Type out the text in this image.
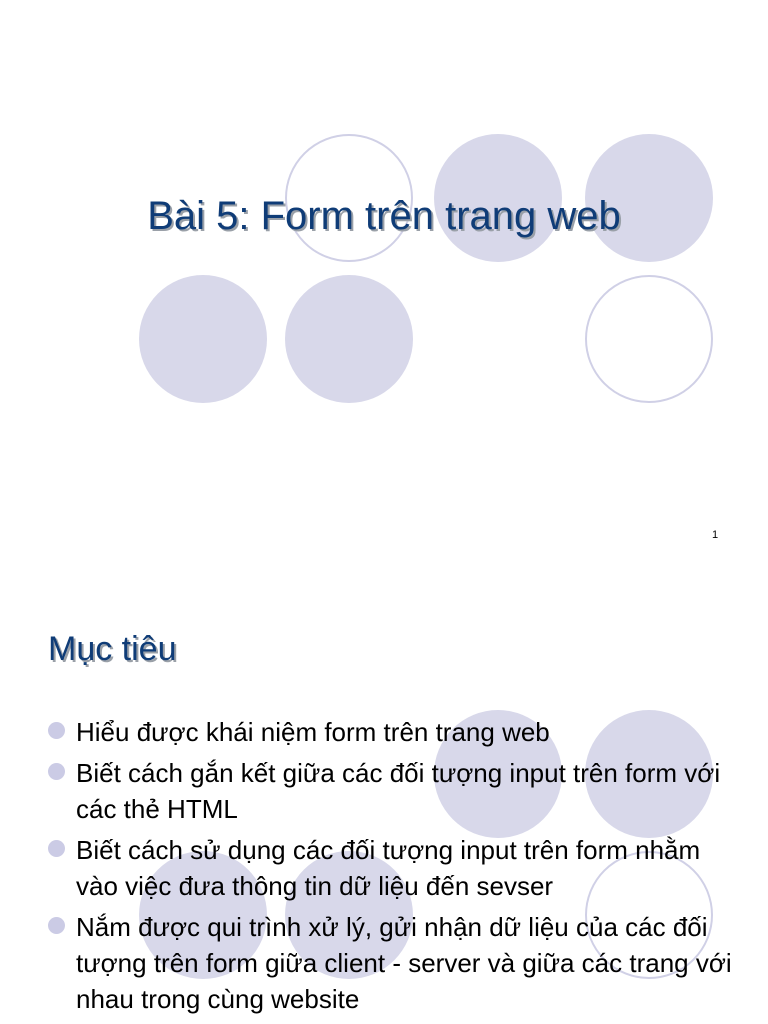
Bài 5: Form trên trang web
1
Mục tiêu
Hiểu được khái niệm form trên trang web
Biết cách gắn kết giữa các đối tượng input trên form với các thẻ HTML
Biết cách sử dụng các đối tượng input trên form nhằm vào việc đưa thông tin dữ liệu đến sevser
Nắm được qui trình xử lý, gửi nhận dữ liệu của các đối tượng trên form giữa client - server và giữa các trang với nhau trong cùng website
